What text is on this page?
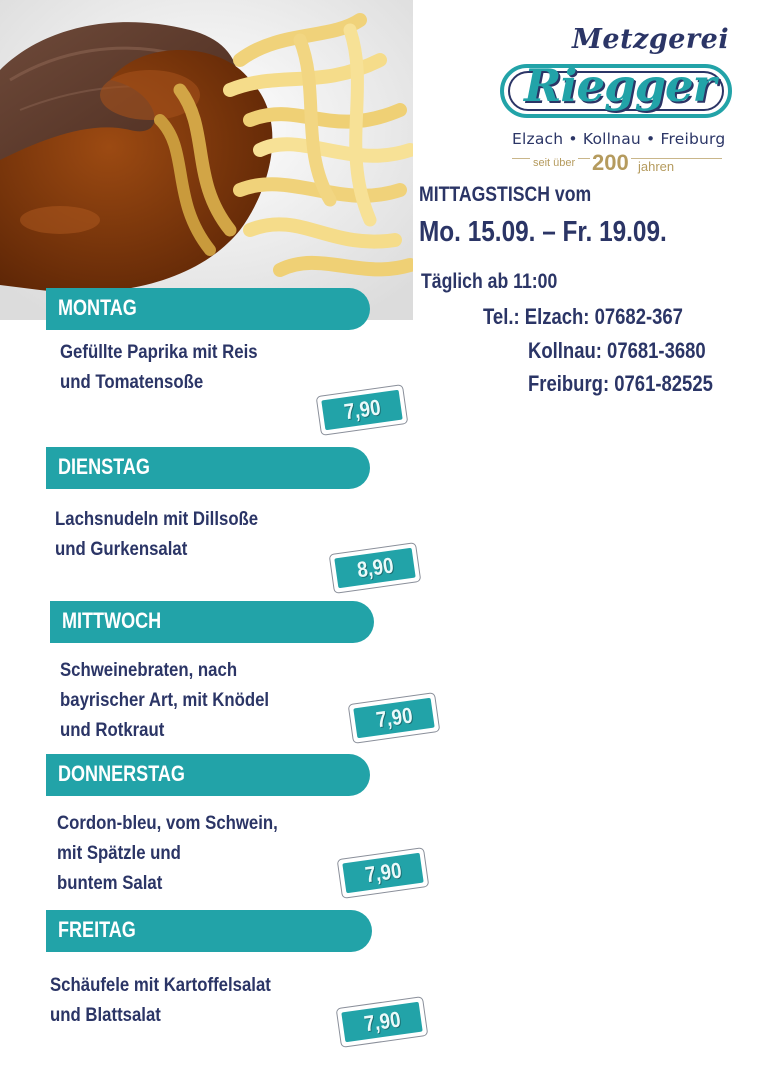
Metzgerei
Riegger
Elzach • Kollnau • Freiburg
seit über 200 jahren
MITTAGSTISCH vom
Mo. 15.09. – Fr. 19.09.
Täglich ab 11:00
Tel.: Elzach: 07682-367
Kollnau: 07681-3680
Freiburg: 0761-82525
MONTAG
Gefüllte Paprika mit Reis
und Tomatensoße
7,90
DIENSTAG
Lachsnudeln mit Dillsoße
und Gurkensalat
8,90
MITTWOCH
Schweinebraten, nach
bayrischer Art, mit Knödel
und Rotkraut	7,90
DONNERSTAG
Cordon-bleu, vom Schwein,
mit Spätzle und
buntem Salat	7,90
FREITAG
Schäufele mit Kartoffelsalat
und Blattsalat	7,90
